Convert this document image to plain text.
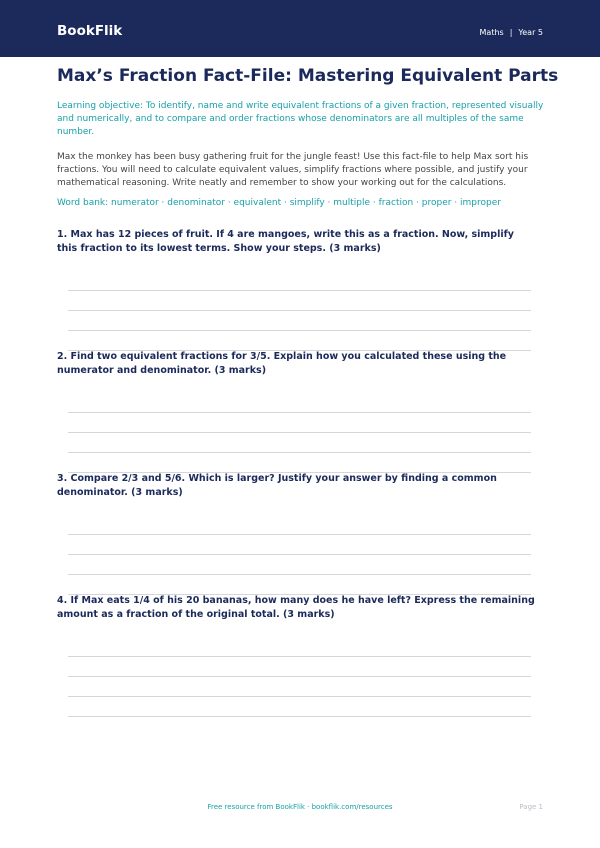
BookFlik	Maths | Year 5
Max’s Fraction Fact-File: Mastering Equivalent Parts

Learning objective: To identify, name and write equivalent fractions of a given fraction, represented visually and numerically, and to compare and order fractions whose denominators are all multiples of the same number.

Max the monkey has been busy gathering fruit for the jungle feast! Use this fact-file to help Max sort his fractions. You will need to calculate equivalent values, simplify fractions where possible, and justify your mathematical reasoning. Write neatly and remember to show your working out for the calculations.

Word bank: numerator · denominator · equivalent · simplify · multiple · fraction · proper · improper

1. Max has 12 pieces of fruit. If 4 are mangoes, write this as a fraction. Now, simplify this fraction to its lowest terms. Show your steps. (3 marks)

2. Find two equivalent fractions for 3/5. Explain how you calculated these using the numerator and denominator. (3 marks)

3. Compare 2/3 and 5/6. Which is larger? Justify your answer by finding a common denominator. (3 marks)

4. If Max eats 1/4 of his 20 bananas, how many does he have left? Express the remaining amount as a fraction of the original total. (3 marks)

Free resource from BookFlik · bookflik.com/resources	Page 1
